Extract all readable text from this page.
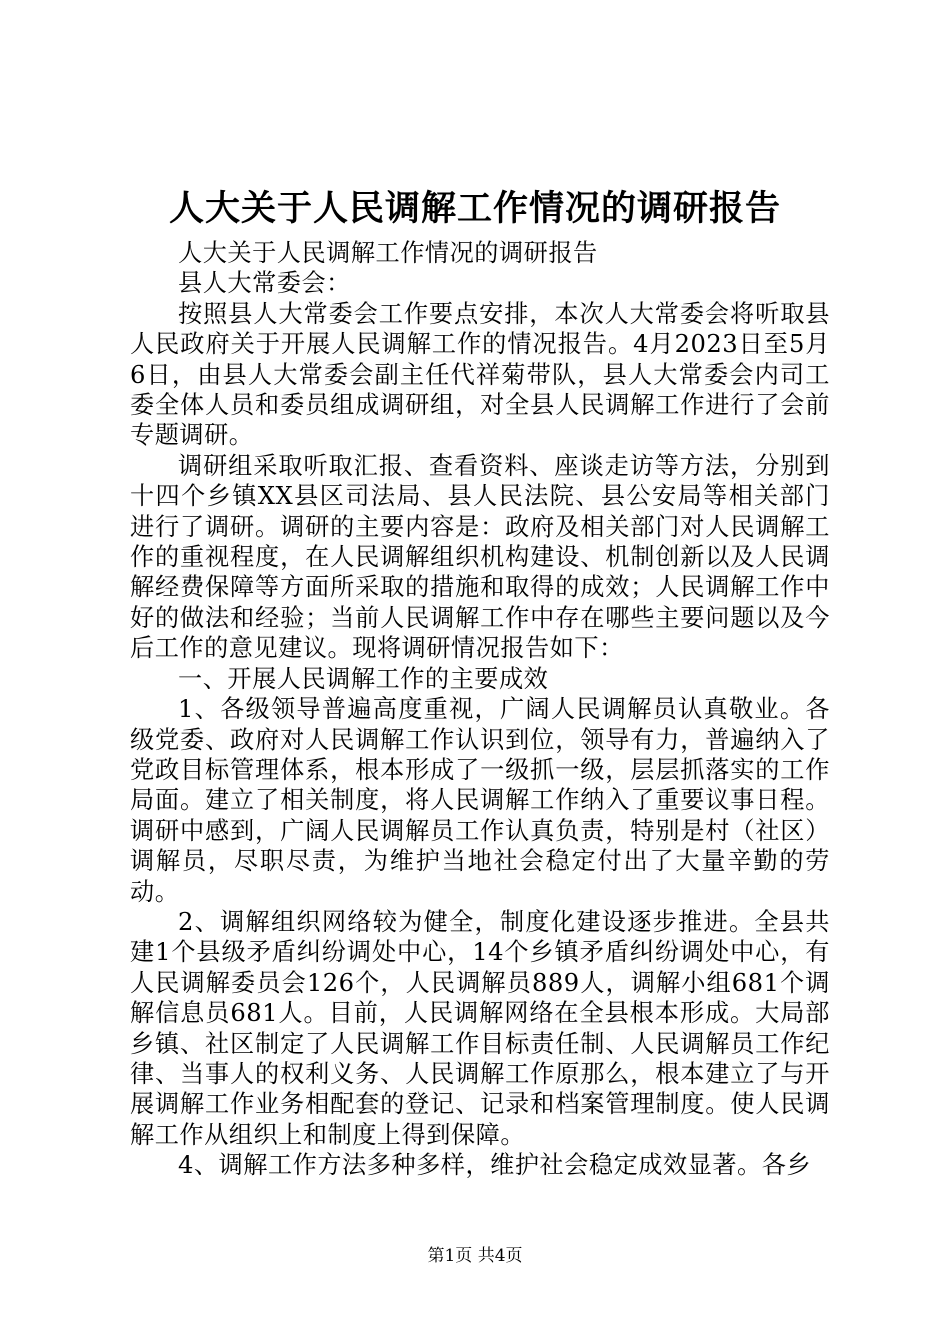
人大关于人民调解工作情况的调研报告

人大关于人民调解工作情况的调研报告

县人大常委会：

按照县人大常委会工作要点安排，本次人大常委会将听取县人民政府关于开展人民调解工作的情况报告。4月2023日至5月6日，由县人大常委会副主任代祥菊带队，县人大常委会内司工委全体人员和委员组成调研组，对全县人民调解工作进行了会前专题调研。

调研组采取听取汇报、查看资料、座谈走访等方法，分别到十四个乡镇XX县区司法局、县人民法院、县公安局等相关部门进行了调研。调研的主要内容是：政府及相关部门对人民调解工作的重视程度，在人民调解组织机构建设、机制创新以及人民调解经费保障等方面所采取的措施和取得的成效；人民调解工作中好的做法和经验；当前人民调解工作中存在哪些主要问题以及今后工作的意见建议。现将调研情况报告如下：

一、开展人民调解工作的主要成效

1、各级领导普遍高度重视，广阔人民调解员认真敬业。各级党委、政府对人民调解工作认识到位，领导有力，普遍纳入了党政目标管理体系，根本形成了一级抓一级，层层抓落实的工作局面。建立了相关制度，将人民调解工作纳入了重要议事日程。调研中感到，广阔人民调解员工作认真负责，特别是村（社区）调解员，尽职尽责，为维护当地社会稳定付出了大量辛勤的劳动。

2、调解组织网络较为健全，制度化建设逐步推进。全县共建1个县级矛盾纠纷调处中心，14个乡镇矛盾纠纷调处中心，有人民调解委员会126个，人民调解员889人，调解小组681个调解信息员681人。目前，人民调解网络在全县根本形成。大局部乡镇、社区制定了人民调解工作目标责任制、人民调解员工作纪律、当事人的权利义务、人民调解工作原那么，根本建立了与开展调解工作业务相配套的登记、记录和档案管理制度。使人民调解工作从组织上和制度上得到保障。

4、调解工作方法多种多样，维护社会稳定成效显著。各乡

第1页 共4页
